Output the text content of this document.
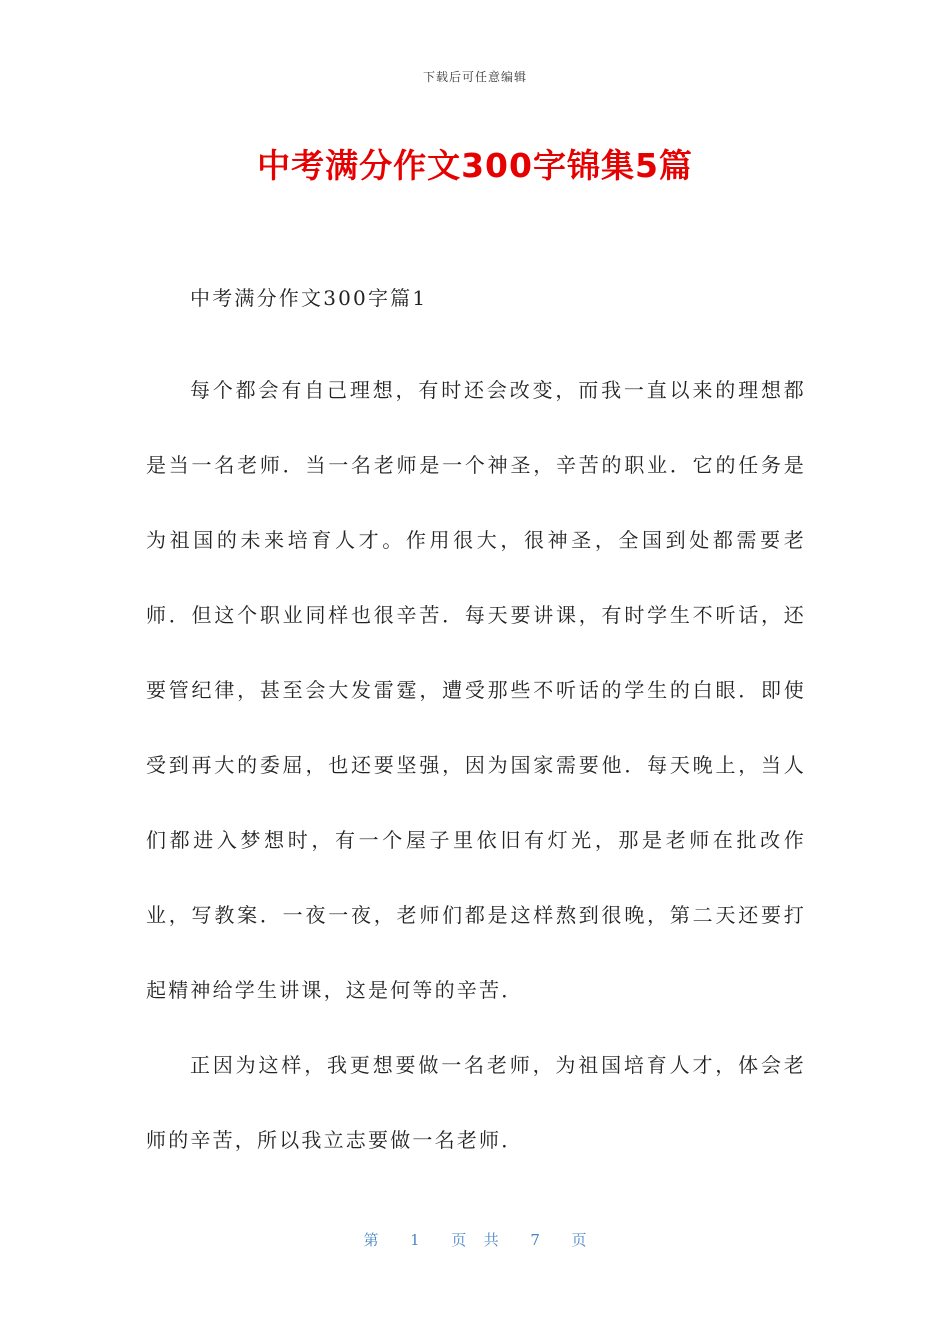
下载后可任意编辑
中考满分作文300字锦集5篇

中考满分作文300字篇1

每个都会有自己理想，有时还会改变，而我一直以来的理想都是当一名老师．当一名老师是一个神圣，辛苦的职业．它的任务是为祖国的未来培育人才。作用很大，很神圣，全国到处都需要老师．但这个职业同样也很辛苦．每天要讲课，有时学生不听话，还要管纪律，甚至会大发雷霆，遭受那些不听话的学生的白眼．即使受到再大的委屈，也还要坚强，因为国家需要他．每天晚上，当人们都进入梦想时，有一个屋子里依旧有灯光，那是老师在批改作业，写教案．一夜一夜，老师们都是这样熬到很晚，第二天还要打起精神给学生讲课，这是何等的辛苦．

正因为这样，我更想要做一名老师，为祖国培育人才，体会老师的辛苦，所以我立志要做一名老师．

第 1 页 共 7 页
